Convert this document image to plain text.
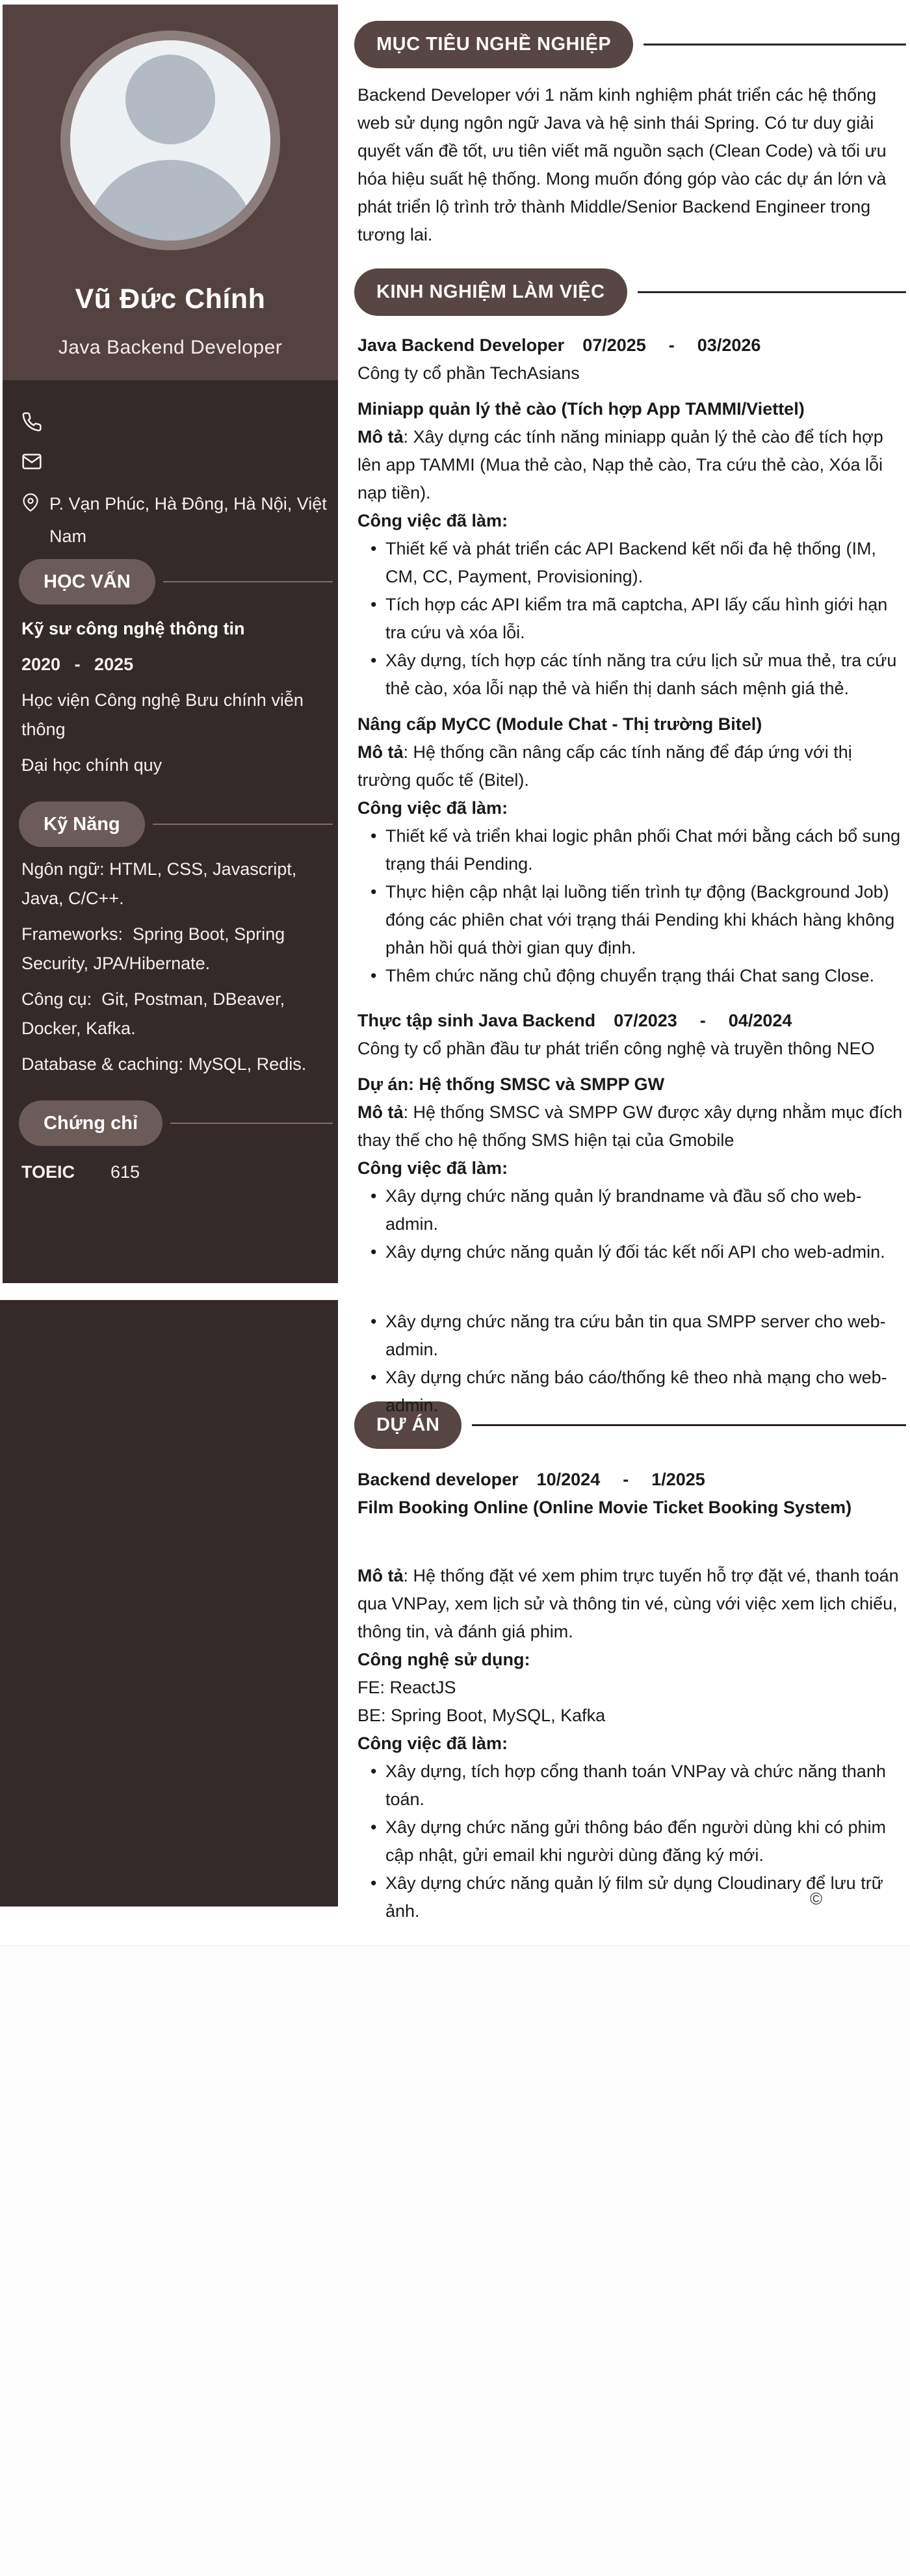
Vũ Đức Chính
Java Backend Developer
P. Vạn Phúc, Hà Đông, Hà Nội, Việt Nam
HỌC VẤN

Kỹ sư công nghệ thông tin

2020 - 2025

Học viện Công nghệ Bưu chính viễn thông

Đại học chính quy

Kỹ Năng

Ngôn ngữ: HTML, CSS, Javascript, Java, C/C++.

Frameworks:  Spring Boot, Spring Security, JPA/Hibernate.

Công cụ:  Git, Postman, DBeaver, Docker, Kafka.

Database & caching: MySQL, Redis.

Chứng chỉ
TOEIC	615
MỤC TIÊU NGHỀ NGHIỆP

Backend Developer với 1 năm kinh nghiệm phát triển các hệ thống web sử dụng ngôn ngữ Java và hệ sinh thái Spring. Có tư duy giải quyết vấn đề tốt, ưu tiên viết mã nguồn sạch (Clean Code) và tối ưu hóa hiệu suất hệ thống. Mong muốn đóng góp vào các dự án lớn và phát triển lộ trình trở thành Middle/Senior Backend Engineer trong tương lai.

KINH NGHIỆM LÀM VIỆC

Java Backend Developer 07/2025  -  03/2026

Công ty cổ phần TechAsians

Miniapp quản lý thẻ cào (Tích hợp App TAMMI/Viettel)

Mô tả: Xây dựng các tính năng miniapp quản lý thẻ cào để tích hợp lên app TAMMI (Mua thẻ cào, Nạp thẻ cào, Tra cứu thẻ cào, Xóa lỗi nạp tiền).

Công việc đã làm:

• Thiết kế và phát triển các API Backend kết nối đa hệ thống (IM, CM, CC, Payment, Provisioning).
• Tích hợp các API kiểm tra mã captcha, API lấy cấu hình giới hạn tra cứu và xóa lỗi.
• Xây dựng, tích hợp các tính năng tra cứu lịch sử mua thẻ, tra cứu thẻ cào, xóa lỗi nạp thẻ và hiển thị danh sách mệnh giá thẻ.

Nâng cấp MyCC (Module Chat - Thị trường Bitel)

Mô tả: Hệ thống cần nâng cấp các tính năng để đáp ứng với thị trường quốc tế (Bitel).

Công việc đã làm:

• Thiết kế và triển khai logic phân phối Chat mới bằng cách bổ sung trạng thái Pending.
• Thực hiện cập nhật lại luồng tiến trình tự động (Background Job) đóng các phiên chat với trạng thái Pending khi khách hàng không phản hồi quá thời gian quy định.
• Thêm chức năng chủ động chuyển trạng thái Chat sang Close.

Thực tập sinh Java Backend 07/2023  -  04/2024

Công ty cổ phần đầu tư phát triển công nghệ và truyền thông NEO

Dự án: Hệ thống SMSC và SMPP GW

Mô tả: Hệ thống SMSC và SMPP GW được xây dựng nhằm mục đích thay thế cho hệ thống SMS hiện tại của Gmobile

Công việc đã làm:

• Xây dựng chức năng quản lý brandname và đầu số cho web-admin.
• Xây dựng chức năng quản lý đối tác kết nối API cho web-admin.
• Xây dựng chức năng tra cứu bản tin qua SMPP server cho web-admin.
• Xây dựng chức năng báo cáo/thống kê theo nhà mạng cho web-admin.
DỰ ÁN

Backend developer 10/2024  -  1/2025

Film Booking Online (Online Movie Ticket Booking System)

Mô tả: Hệ thống đặt vé xem phim trực tuyến hỗ trợ đặt vé, thanh toán qua VNPay, xem lịch sử và thông tin vé, cùng với việc xem lịch chiếu, thông tin, và đánh giá phim.

Công nghệ sử dụng:

FE: ReactJS

BE: Spring Boot, MySQL, Kafka

Công việc đã làm:

• Xây dựng, tích hợp cổng thanh toán VNPay và chức năng thanh toán.
• Xây dựng chức năng gửi thông báo đến người dùng khi có phim cập nhật, gửi email khi người dùng đăng ký mới.
• Xây dựng chức năng quản lý film sử dụng Cloudinary để lưu trữ ảnh.
©
